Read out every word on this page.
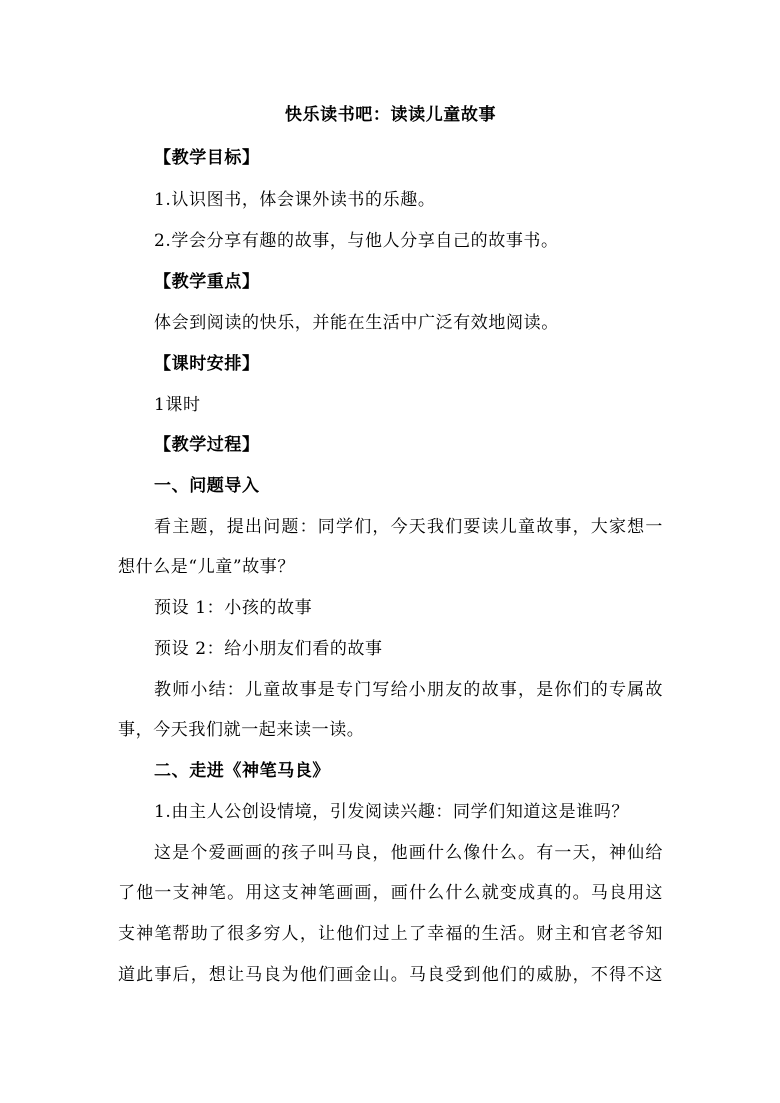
快乐读书吧：读读儿童故事
【教学目标】
1.认识图书，体会课外读书的乐趣。
2.学会分享有趣的故事，与他人分享自己的故事书。
【教学重点】
体会到阅读的快乐，并能在生活中广泛有效地阅读。
【课时安排】
1课时
【教学过程】
一、问题导入
看主题，提出问题：同学们，今天我们要读儿童故事，大家想一
想什么是“儿童”故事？
预设 1：小孩的故事
预设 2：给小朋友们看的故事
教师小结：儿童故事是专门写给小朋友的故事，是你们的专属故
事，今天我们就一起来读一读。
二、走进《神笔马良》
1.由主人公创设情境，引发阅读兴趣：同学们知道这是谁吗？
这是个爱画画的孩子叫马良，他画什么像什么。有一天，神仙给
了他一支神笔。用这支神笔画画，画什么什么就变成真的。马良用这
支神笔帮助了很多穷人，让他们过上了幸福的生活。财主和官老爷知
道此事后，想让马良为他们画金山。马良受到他们的威胁，不得不这
